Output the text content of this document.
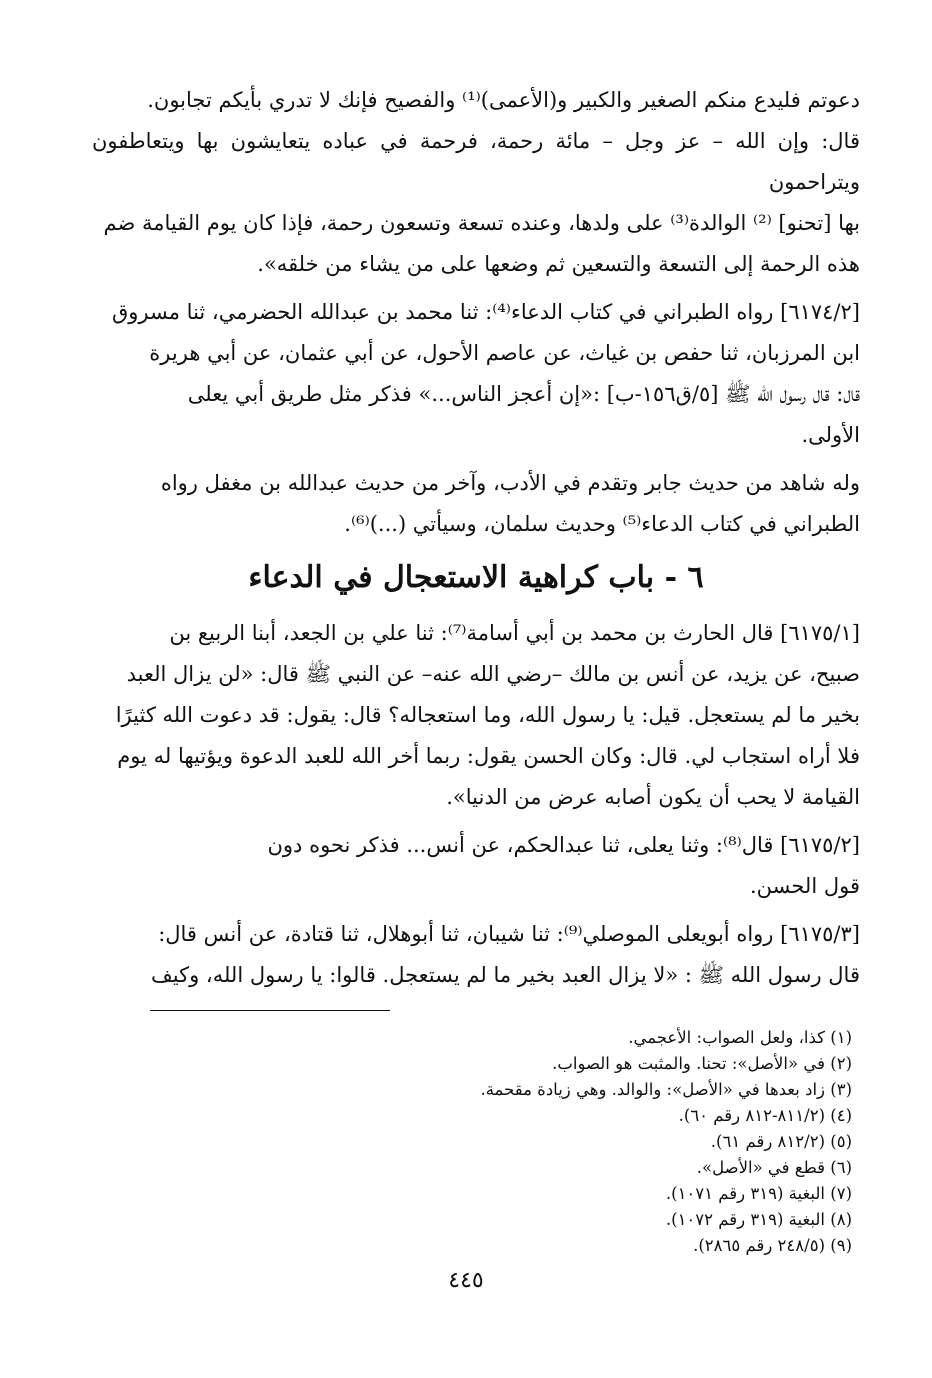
دعوتم فليدع منكم الصغير والكبير و(الأعمى)⁽¹⁾ والفصيح فإنك لا تدري بأيكم تجابون.
قال: وإن الله – عز وجل – مائة رحمة، فرحمة في عباده يتعايشون بها ويتعاطفون ويتراحمون
بها [تحنو] ⁽²⁾ الوالدة⁽³⁾ على ولدها، وعنده تسعة وتسعون رحمة، فإذا كان يوم القيامة ضم
هذه الرحمة إلى التسعة والتسعين ثم وضعها على من يشاء من خلقه».
[٦١٧٤/٢] رواه الطبراني في كتاب الدعاء⁽⁴⁾: ثنا محمد بن عبدالله الحضرمي، ثنا مسروق
ابن المرزبان، ثنا حفص بن غياث، عن عاصم الأحول، عن أبي عثمان، عن أبي هريرة
قال: قال رسول الله ﷺ [٥/ق١٥٦-ب] :«إن أعجز الناس...» فذكر مثل طريق أبي يعلى
الأولى.
وله شاهد من حديث جابر وتقدم في الأدب، وآخر من حديث عبدالله بن مغفل رواه
الطبراني في كتاب الدعاء⁽⁵⁾ وحديث سلمان، وسيأتي (...)⁽⁶⁾.
٦ - باب كراهية الاستعجال في الدعاء
[٦١٧٥/١] قال الحارث بن محمد بن أبي أسامة⁽⁷⁾: ثنا علي بن الجعد، أبنا الربيع بن
صبيح، عن يزيد، عن أنس بن مالك –رضي الله عنه– عن النبي ﷺ قال: «لن يزال العبد
بخير ما لم يستعجل. قيل: يا رسول الله، وما استعجاله؟ قال: يقول: قد دعوت الله كثيرًا
فلا أراه استجاب لي. قال: وكان الحسن يقول: ربما أخر الله للعبد الدعوة ويؤتيها له يوم
القيامة لا يحب أن يكون أصابه عرض من الدنيا».
[٦١٧٥/٢] قال⁽⁸⁾: وثنا يعلى، ثنا عبدالحكم، عن أنس... فذكر نحوه دون
قول الحسن.
[٦١٧٥/٣] رواه أبويعلى الموصلي⁽⁹⁾: ثنا شيبان، ثنا أبوهلال، ثنا قتادة، عن أنس قال:
قال رسول الله ﷺ : «لا يزال العبد بخير ما لم يستعجل. قالوا: يا رسول الله، وكيف
(١) كذا، ولعل الصواب: الأعجمي.
(٢) في «الأصل»: تحنا. والمثبت هو الصواب.
(٣) زاد بعدها في «الأصل»: والوالد. وهي زيادة مقحمة.
(٤) (٨١١/٢-٨١٢ رقم ٦٠).
(٥) (٨١٢/٢ رقم ٦١).
(٦) قطع في «الأصل».
(٧) البغية (٣١٩ رقم ١٠٧١).
(٨) البغية (٣١٩ رقم ١٠٧٢).
(٩) (٢٤٨/٥ رقم ٢٨٦٥).
٤٤٥
